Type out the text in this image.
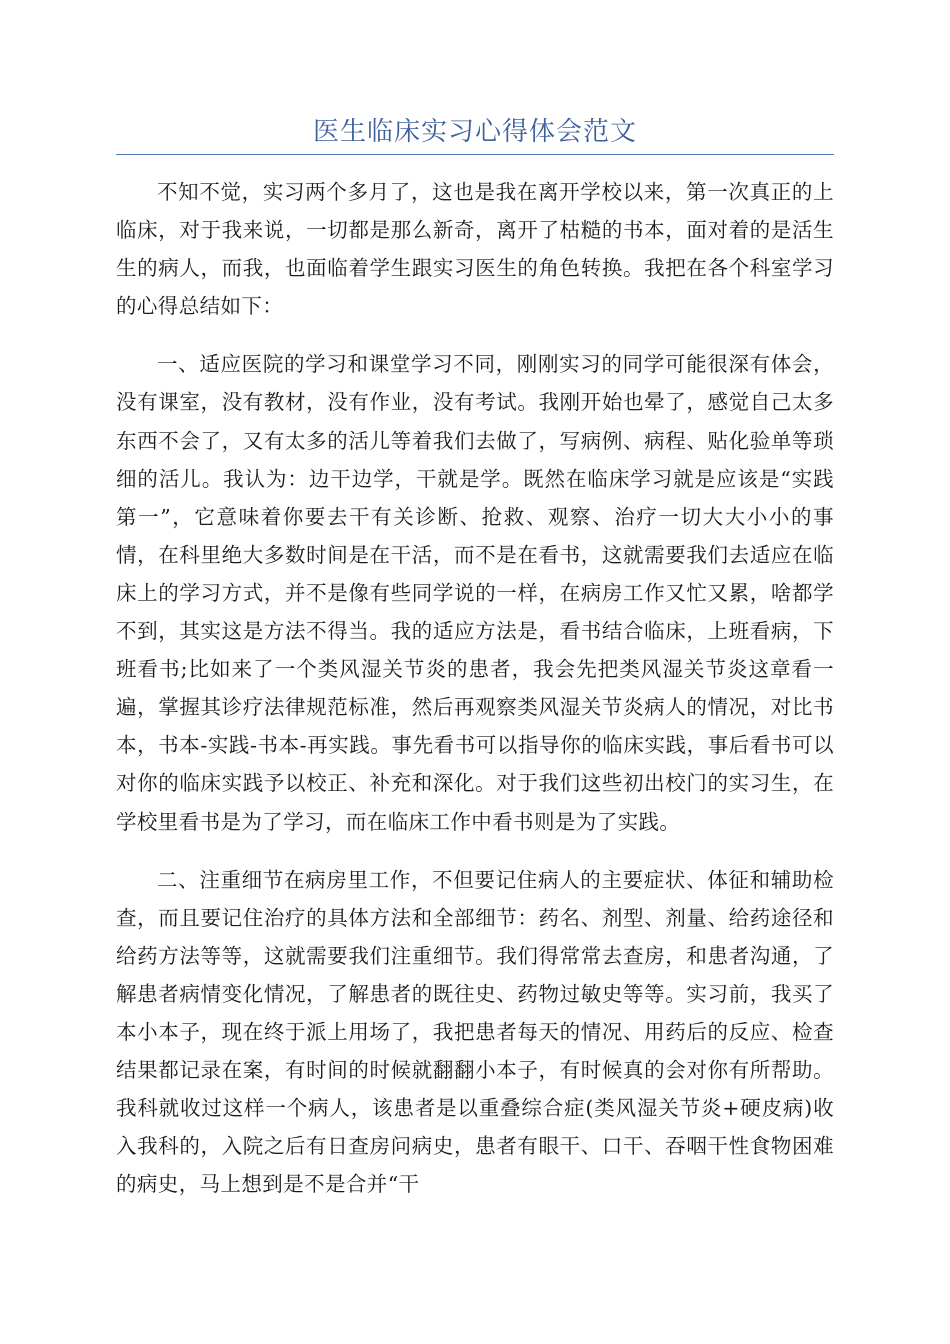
医生临床实习心得体会范文

不知不觉，实习两个多月了，这也是我在离开学校以来，第一次真正的上临床，对于我来说，一切都是那么新奇，离开了枯糙的书本，面对着的是活生生的病人，而我，也面临着学生跟实习医生的角色转换。我把在各个科室学习的心得总结如下：

一、适应医院的学习和课堂学习不同，刚刚实习的同学可能很深有体会，没有课室，没有教材，没有作业，没有考试。我刚开始也晕了，感觉自己太多东西不会了，又有太多的活儿等着我们去做了，写病例、病程、贴化验单等琐细的活儿。我认为：边干边学，干就是学。既然在临床学习就是应该是“实践第一”，它意味着你要去干有关诊断、抢救、观察、治疗一切大大小小的事情，在科里绝大多数时间是在干活，而不是在看书，这就需要我们去适应在临床上的学习方式，并不是像有些同学说的一样，在病房工作又忙又累，啥都学不到，其实这是方法不得当。我的适应方法是，看书结合临床，上班看病，下班看书;比如来了一个类风湿关节炎的患者，我会先把类风湿关节炎这章看一遍，掌握其诊疗法律规范标准，然后再观察类风湿关节炎病人的情况，对比书本，书本-实践-书本-再实践。事先看书可以指导你的临床实践，事后看书可以对你的临床实践予以校正、补充和深化。对于我们这些初出校门的实习生，在学校里看书是为了学习，而在临床工作中看书则是为了实践。

二、注重细节在病房里工作，不但要记住病人的主要症状、体征和辅助检查，而且要记住治疗的具体方法和全部细节：药名、剂型、剂量、给药途径和给药方法等等，这就需要我们注重细节。我们得常常去查房，和患者沟通，了解患者病情变化情况，了解患者的既往史、药物过敏史等等。实习前，我买了本小本子，现在终于派上用场了，我把患者每天的情况、用药后的反应、检查结果都记录在案，有时间的时候就翻翻小本子，有时候真的会对你有所帮助。我科就收过这样一个病人，该患者是以重叠综合症(类风湿关节炎+硬皮病)收入我科的，入院之后有日查房问病史，患者有眼干、口干、吞咽干性食物困难的病史，马上想到是不是合并“干
